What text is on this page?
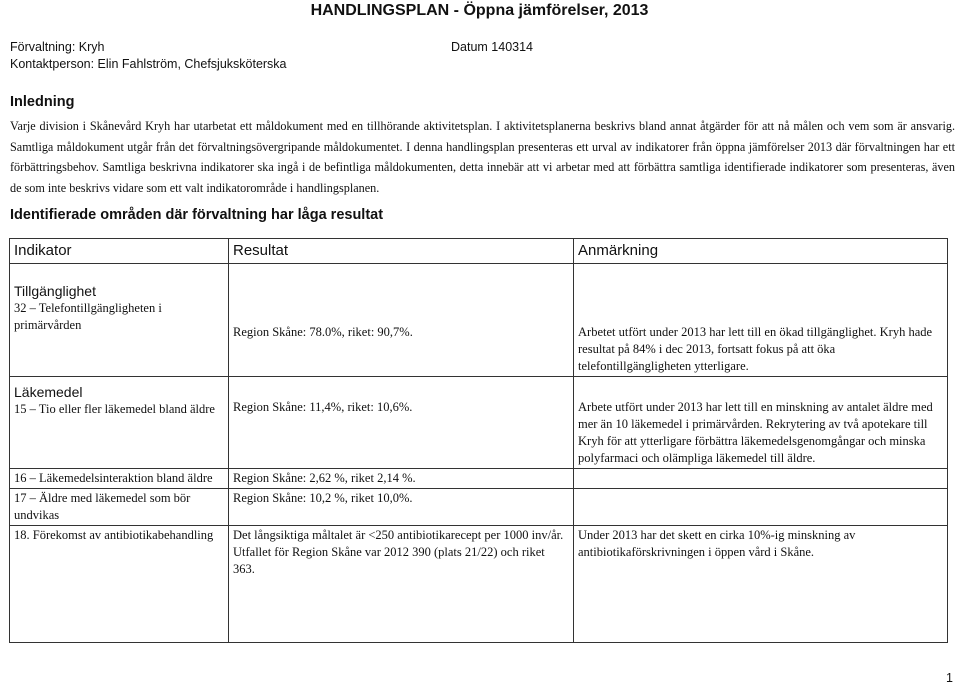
HANDLINGSPLAN - Öppna jämförelser, 2013
Förvaltning: Kryh	Datum 140314
Kontaktperson: Elin Fahlström, Chefsjuksköterska
Inledning
Varje division i Skånevård Kryh har utarbetat ett måldokument med en tillhörande aktivitetsplan. I aktivitetsplanerna beskrivs bland annat åtgärder för att nå målen och vem som är ansvarig. Samtliga måldokument utgår från det förvaltningsövergripande måldokumentet. I denna handlingsplan presenteras ett urval av indikatorer från öppna jämförelser 2013 där förvaltningen har ett förbättringsbehov. Samtliga beskrivna indikatorer ska ingå i de befintliga måldokumenten, detta innebär att vi arbetar med att förbättra samtliga identifierade indikatorer som presenteras, även de som inte beskrivs vidare som ett valt indikatorområde i handlingsplanen.
Identifierade områden där förvaltning har låga resultat
Indikator	Resultat	Anmärkning

Tillgänglighet
32 – Telefontillgängligheten i primärvården	Region Skåne: 78.0%, riket: 90,7%.	Arbetet utfört under 2013 har lett till en ökad tillgänglighet. Kryh hade resultat på 84% i dec 2013, fortsatt fokus på att öka telefontillgängligheten ytterligare.

Läkemedel
15 – Tio eller fler läkemedel bland äldre	Region Skåne: 11,4%, riket: 10,6%.	Arbete utfört under 2013 har lett till en minskning av antalet äldre med mer än 10 läkemedel i primärvården. Rekrytering av två apotekare till Kryh för att ytterligare förbättra läkemedelsgenomgångar och minska polyfarmaci och olämpliga läkemedel till äldre.
16 – Läkemedelsinteraktion bland äldre	Region Skåne: 2,62 %, riket 2,14 %.	
17 – Äldre med läkemedel som bör undvikas	Region Skåne: 10,2 %, riket 10,0%.	
18. Förekomst av antibiotikabehandling	Det långsiktiga måltalet är <250 antibiotikarecept per 1000 inv/år. Utfallet för Region Skåne var 2012 390 (plats 21/22) och riket 363.	Under 2013 har det skett en cirka 10%-ig minskning av antibiotikaförskrivningen i öppen vård i Skåne.
1
